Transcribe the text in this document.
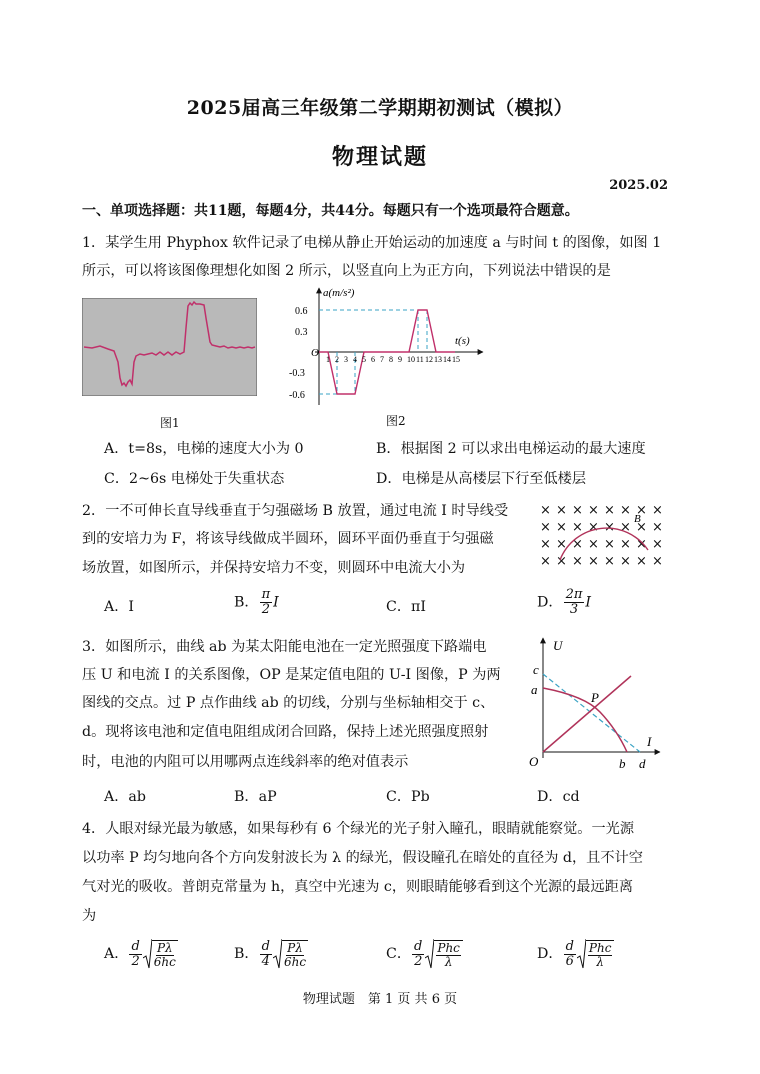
2025届高三年级第二学期期初测试（模拟）
物理试题
2025.02
一、单项选择题：共11题，每题4分，共44分。每题只有一个选项最符合题意。
1．某学生用 Phyphox 软件记录了电梯从静止开始运动的加速度 a 与时间 t 的图像，如图 1
所示，可以将该图像理想化如图 2 所示，以竖直向上为正方向，下列说法中错误的是
图1
a(m/s²)
t(s)
O
0.6
0.3
-0.3
-0.6
1 2 3 4 5 6 7 8 9 10 11 12 13 14 15
图2
A．t=8s，电梯的速度大小为 0	B．根据图 2 可以求出电梯运动的最大速度
C．2~6s 电梯处于失重状态	D．电梯是从高楼层下行至低楼层
2．一不可伸长直导线垂直于匀强磁场 B 放置，通过电流 I 时导线受
到的安培力为 F，将该导线做成半圆环，圆环平面仍垂直于匀强磁
场放置，如图所示，并保持安培力不变，则圆环中电流大小为
× × × × × × × ×
× × × × × × × ×
× × × × × × × ×
× × × × × × × ×
B
A．I	B． $\frac{\pi}{2}$ I	C．πI	D． $\frac{2\pi}{3}$ I
3．如图所示，曲线 ab 为某太阳能电池在一定光照强度下路端电
压 U 和电流 I 的关系图像，OP 是某定值电阻的 U-I 图像，P 为两
图线的交点。过 P 点作曲线 ab 的切线，分别与坐标轴相交于 c、
d。现将该电池和定值电阻组成闭合回路，保持上述光照强度照射
时，电池的内阻可以用哪两点连线斜率的绝对值表示
U
I
O
a
c
b d
P
A．ab	B．aP	C．Pb	D．cd
4．人眼对绿光最为敏感，如果每秒有 6 个绿光的光子射入瞳孔，眼睛就能察觉。一光源
以功率 P 均匀地向各个方向发射波长为 λ 的绿光，假设瞳孔在暗处的直径为 d，且不计空
气对光的吸收。普朗克常量为 h，真空中光速为 c，则眼睛能够看到这个光源的最远距离
为
A． $\frac{d}{2}$ Pλ
6hc	B． $\frac{d}{4}$ Pλ
6hc	C． $\frac{d}{2}$ Phc
λ	D． $\frac{d}{6}$ Phc
λ
物理试题　第 1 页 共 6 页
